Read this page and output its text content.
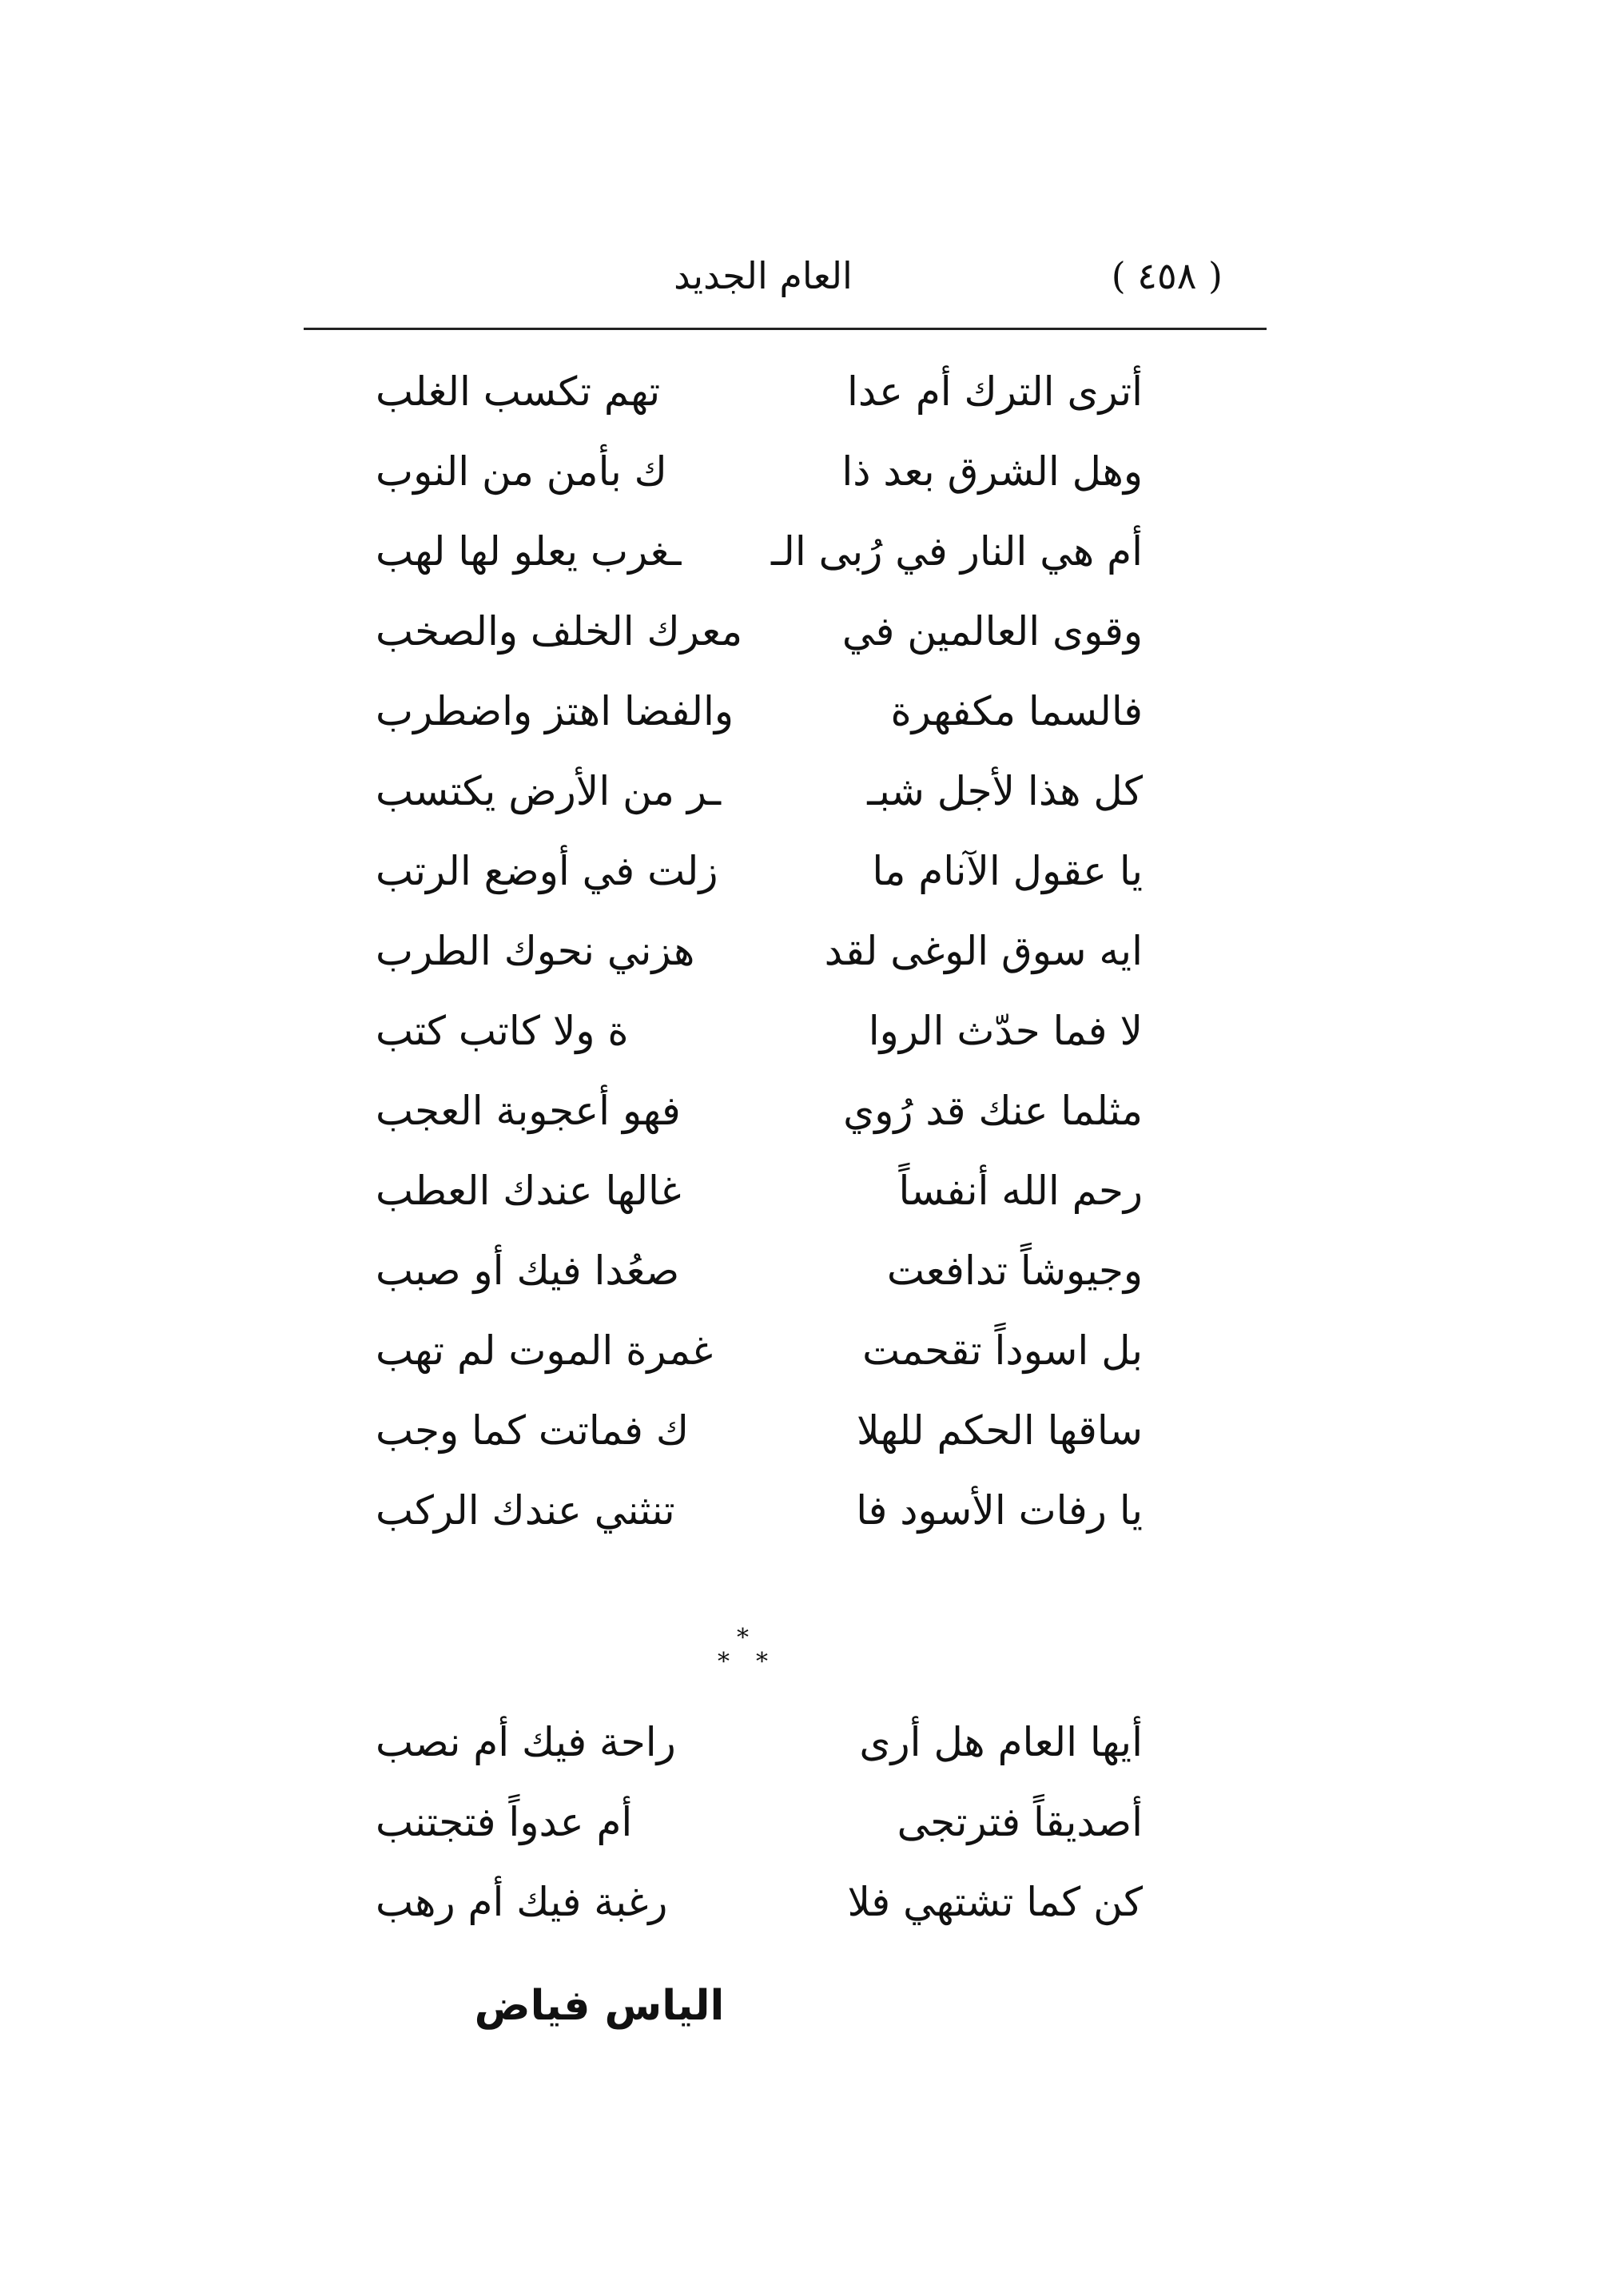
( ٤٥٨ )
العام الجديد
أترى الترك أم عدا
تهم تكسب الغلب
وهل الشرق بعد ذا
ك بأمن من النوب
أم هي النار في رُبى الـ
ـغرب يعلو لها لهب
وقوى العالمين في
معرك الخلف والصخب
فالسما مكفهرة
والفضا اهتز واضطرب
كل هذا لأجل شبـ
ـر من الأرض يكتسب
يا عقول الآنام ما
زلت في أوضع الرتب
ايه سوق الوغى لقد
هزني نحوك الطرب
لا فما حدّث الروا
ة ولا كاتب كتب
مثلما عنك قد رُوي
فهو أعجوبة العجب
رحم الله أنفساً
غالها عندك العطب
وجيوشاً تدافعت
صعُدا فيك أو صبب
بل اسوداً تقحمت
غمرة الموت لم تهب
ساقها الحكم للهلا
ك فماتت كما وجب
يا رفات الأسود فا
تنثني عندك الركب
*
* *
أيها العام هل أرى
راحة فيك أم نصب
أصديقاً فترتجى
أم عدواً فتجتنب
كن كما تشتهي فلا
رغبة فيك أم رهب
الياس فياض
